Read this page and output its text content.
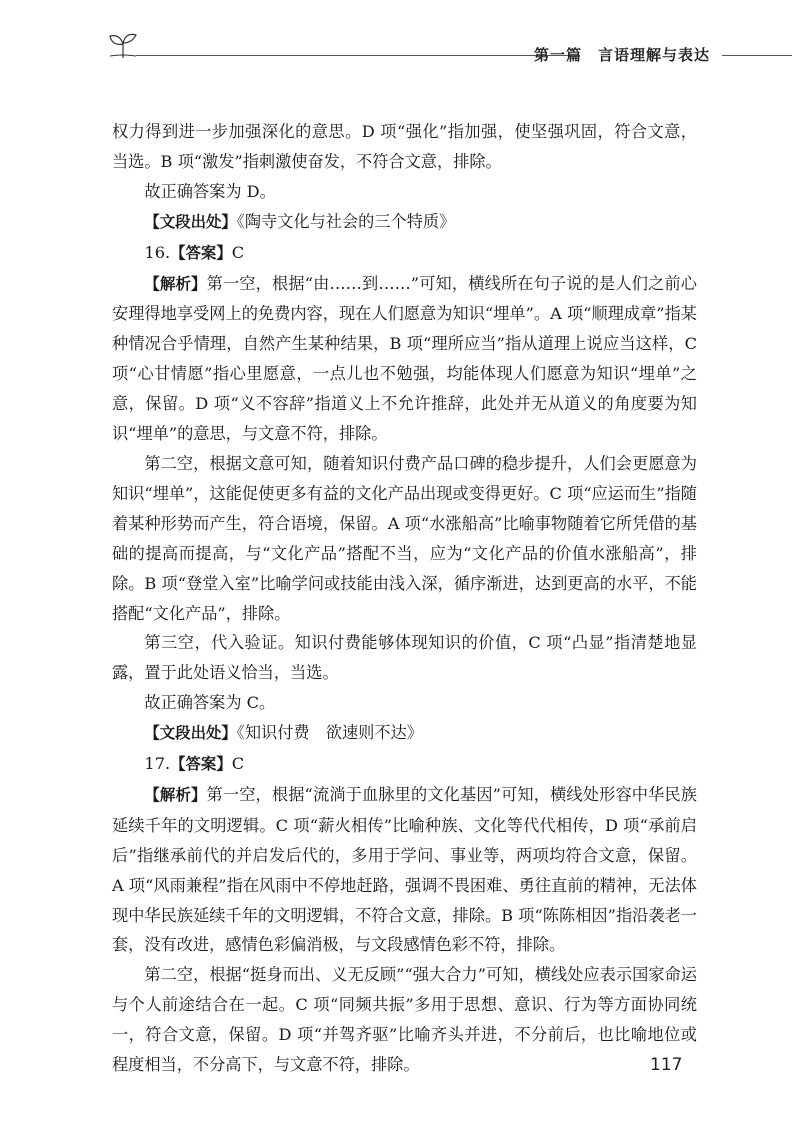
第一篇 言语理解与表达

权力得到进一步加强深化的意思。D 项“强化”指加强，使坚强巩固，符合文意，当选。B 项“激发”指刺激使奋发，不符合文意，排除。

故正确答案为 D。

【文段出处】《陶寺文化与社会的三个特质》

16.【答案】C

【解析】第一空，根据“由……到……”可知，横线所在句子说的是人们之前心安理得地享受网上的免费内容，现在人们愿意为知识“埋单”。A 项“顺理成章”指某种情况合乎情理，自然产生某种结果，B 项“理所应当”指从道理上说应当这样，C 项“心甘情愿”指心里愿意，一点儿也不勉强，均能体现人们愿意为知识“埋单”之意，保留。D 项“义不容辞”指道义上不允许推辞，此处并无从道义的角度要为知识“埋单”的意思，与文意不符，排除。

第二空，根据文意可知，随着知识付费产品口碑的稳步提升，人们会更愿意为知识“埋单”，这能促使更多有益的文化产品出现或变得更好。C 项“应运而生”指随着某种形势而产生，符合语境，保留。A 项“水涨船高”比喻事物随着它所凭借的基础的提高而提高，与“文化产品”搭配不当，应为“文化产品的价值水涨船高”，排除。B 项“登堂入室”比喻学问或技能由浅入深，循序渐进，达到更高的水平，不能搭配“文化产品”，排除。

第三空，代入验证。知识付费能够体现知识的价值，C 项“凸显”指清楚地显露，置于此处语义恰当，当选。

故正确答案为 C。

【文段出处】《知识付费　欲速则不达》

17.【答案】C

【解析】第一空，根据“流淌于血脉里的文化基因”可知，横线处形容中华民族延续千年的文明逻辑。C 项“薪火相传”比喻种族、文化等代代相传，D 项“承前启后”指继承前代的并启发后代的，多用于学问、事业等，两项均符合文意，保留。A 项“风雨兼程”指在风雨中不停地赶路，强调不畏困难、勇往直前的精神，无法体现中华民族延续千年的文明逻辑，不符合文意，排除。B 项“陈陈相因”指沿袭老一套，没有改进，感情色彩偏消极，与文段感情色彩不符，排除。

第二空，根据“挺身而出、义无反顾”“强大合力”可知，横线处应表示国家命运与个人前途结合在一起。C 项“同频共振”多用于思想、意识、行为等方面协同统一，符合文意，保留。D 项“并驾齐驱”比喻齐头并进，不分前后，也比喻地位或程度相当，不分高下，与文意不符，排除。	117
